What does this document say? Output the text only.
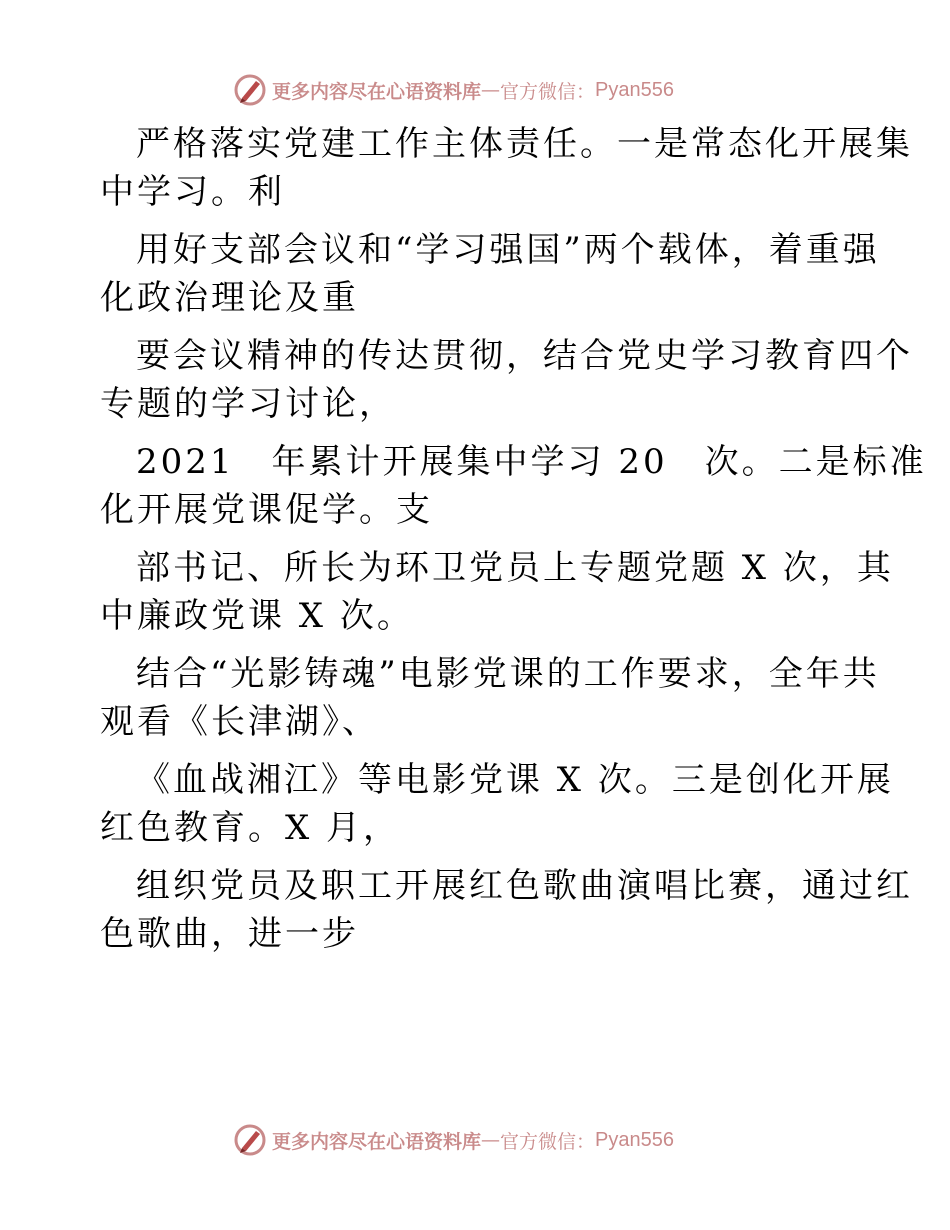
更多内容尽在心语资料库 — 官方微信： Pyan556
严格落实党建工作主体责任。一是常态化开展集
中学习。利
用好支部会议和“学习强国”两个载体，着重强
化政治理论及重
要会议精神的传达贯彻，结合党史学习教育四个
专题的学习讨论，
2021　年累计开展集中学习 20　次。二是标准
化开展党课促学。支
部书记、所长为环卫党员上专题党题 X 次，其
中廉政党课 X 次。
结合“光影铸魂”电影党课的工作要求，全年共
观看《长津湖》、
《血战湘江》等电影党课 X 次。三是创化开展
红色教育。X 月，
组织党员及职工开展红色歌曲演唱比赛，通过红
色歌曲，进一步
更多内容尽在心语资料库 — 官方微信： Pyan556
